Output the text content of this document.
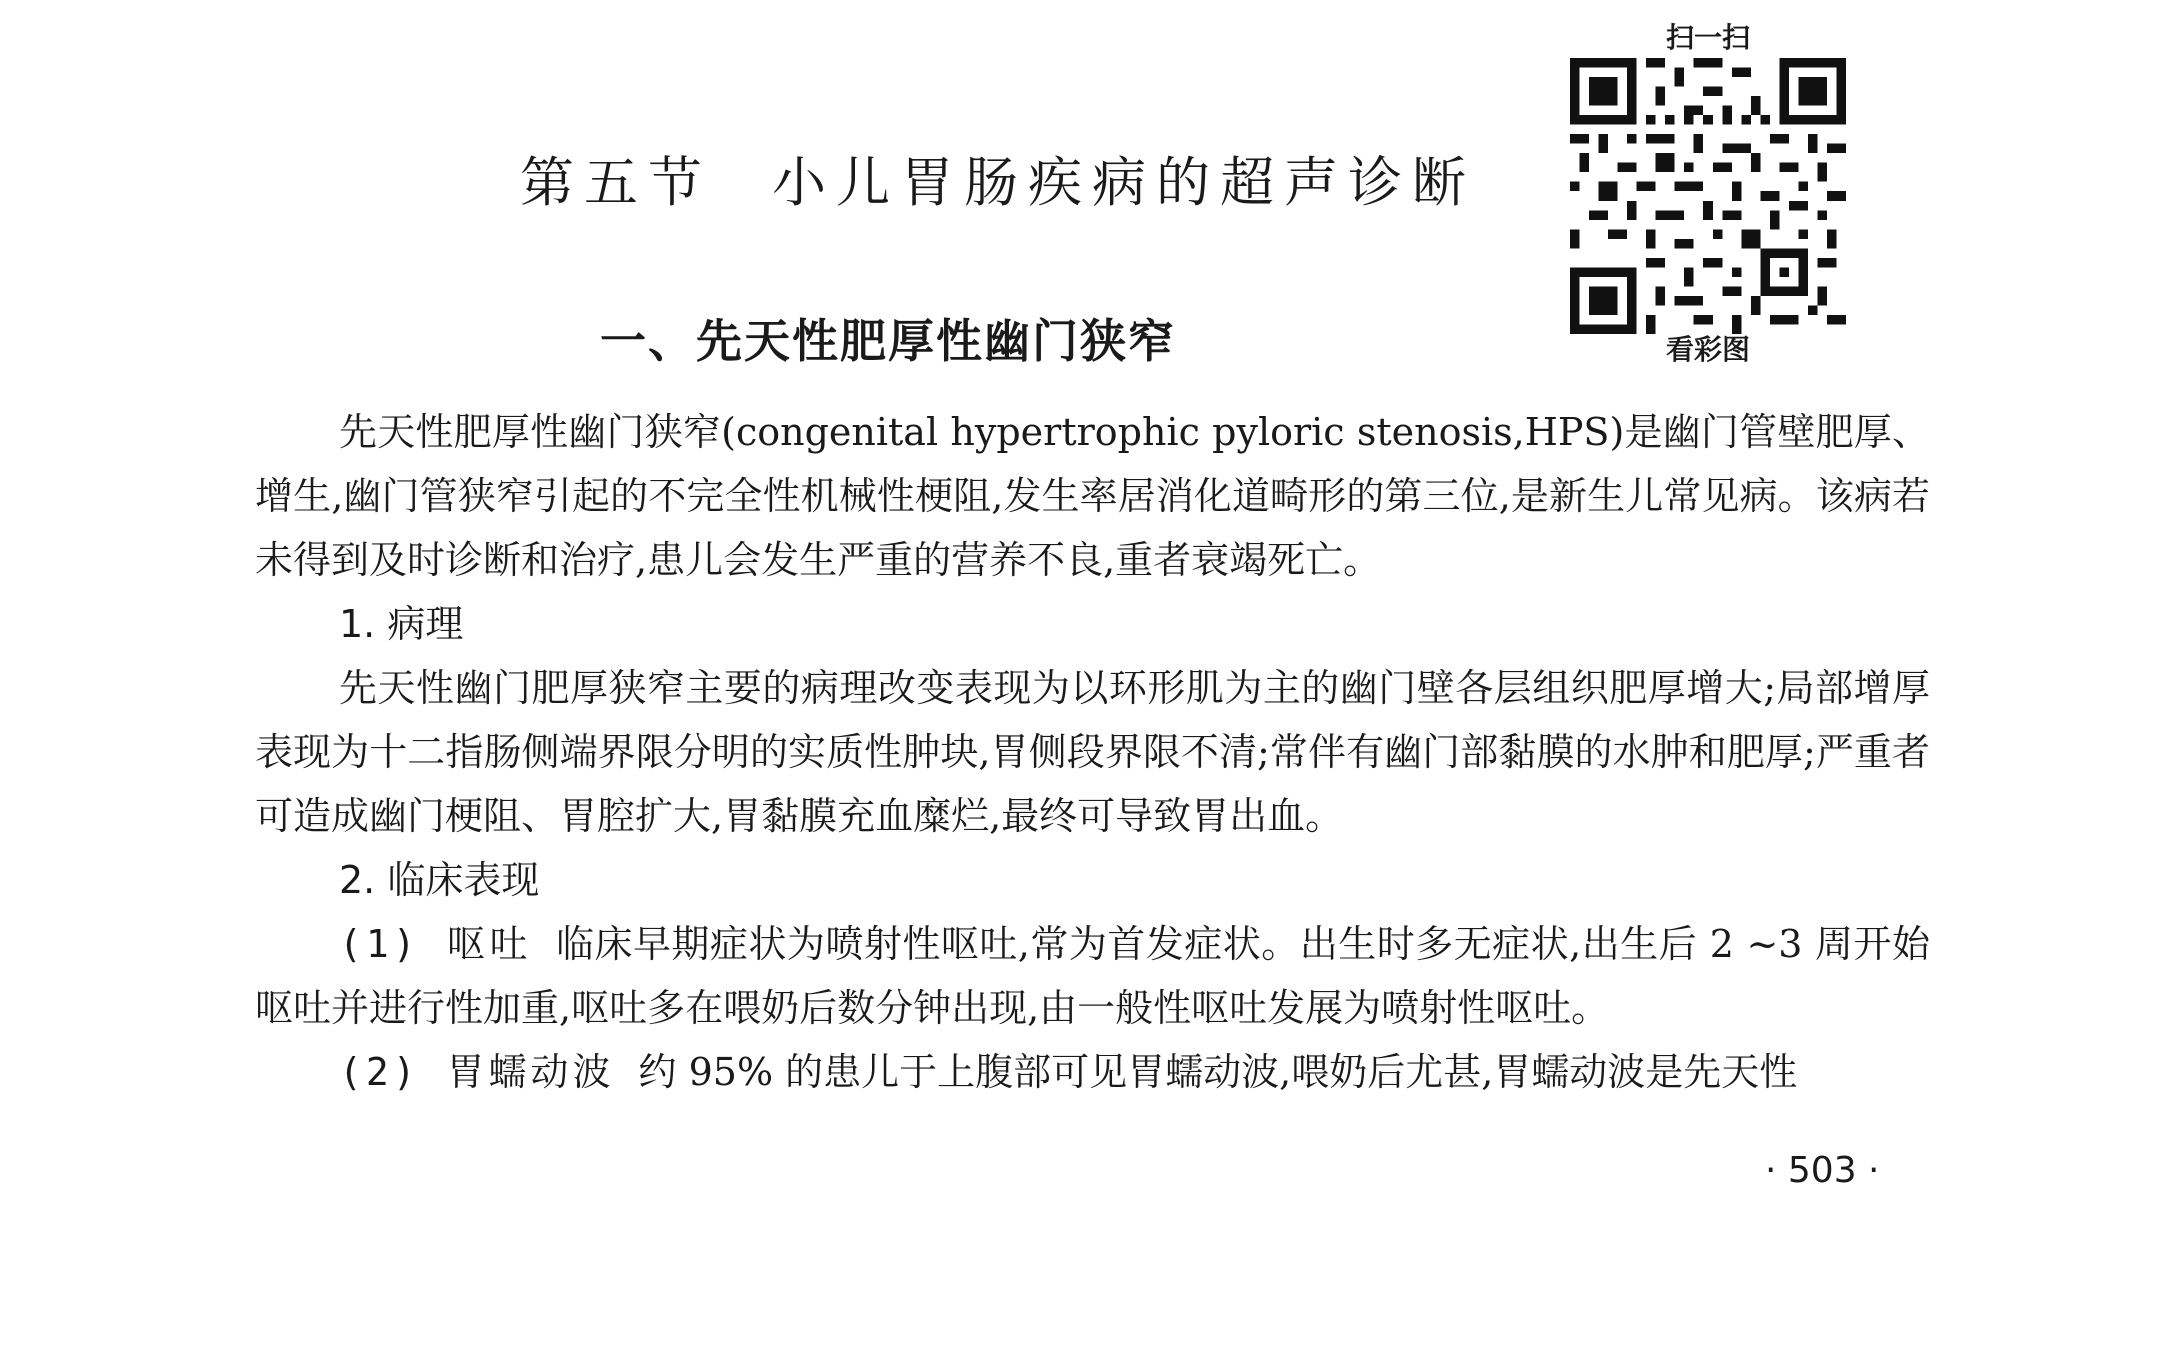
第五节 小儿胃肠疾病的超声诊断
一、先天性肥厚性幽门狭窄
扫一扫
看彩图

先天性肥厚性幽门狭窄(congenital hypertrophic pyloric stenosis,HPS)是幽门管壁肥厚、增生,幽门管狭窄引起的不完全性机械性梗阻,发生率居消化道畸形的第三位,是新生儿常见病。该病若未得到及时诊断和治疗,患儿会发生严重的营养不良,重者衰竭死亡。

1. 病理

先天性幽门肥厚狭窄主要的病理改变表现为以环形肌为主的幽门壁各层组织肥厚增大;局部增厚表现为十二指肠侧端界限分明的实质性肿块,胃侧段界限不清;常伴有幽门部黏膜的水肿和肥厚;严重者可造成幽门梗阻、胃腔扩大,胃黏膜充血糜烂,最终可导致胃出血。

2. 临床表现

(1) 呕吐 临床早期症状为喷射性呕吐,常为首发症状。出生时多无症状,出生后 2 ~3 周开始呕吐并进行性加重,呕吐多在喂奶后数分钟出现,由一般性呕吐发展为喷射性呕吐。

(2) 胃蠕动波 约 95% 的患儿于上腹部可见胃蠕动波,喂奶后尤甚,胃蠕动波是先天性

· 503 ·
